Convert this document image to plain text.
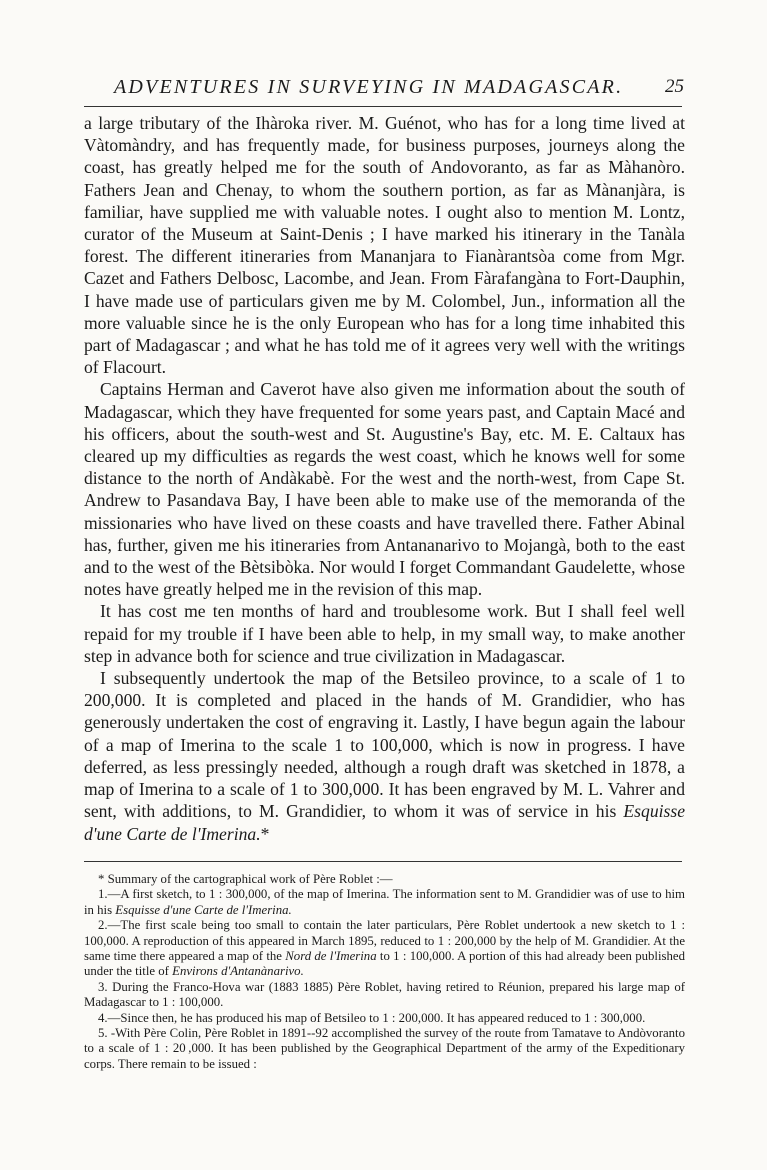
ADVENTURES IN SURVEYING IN MADAGASCAR. 25

a large tributary of the Ihàroka river. M. Guénot, who has for a long time lived at Vàtomàndry, and has frequently made, for business purposes, journeys along the coast, has greatly helped me for the south of Andovoranto, as far as Màhanòro. Fathers Jean and Chenay, to whom the southern portion, as far as Mànanjàra, is familiar, have supplied me with valuable notes. I ought also to mention M. Lontz, curator of the Museum at Saint-Denis ; I have marked his itinerary in the Tanàla forest. The different itineraries from Mananjara to Fianàrantsòa come from Mgr. Cazet and Fathers Delbosc, Lacombe, and Jean. From Fàrafangàna to Fort-Dauphin, I have made use of particulars given me by M. Colombel, Jun., information all the more valuable since he is the only European who has for a long time inhabited this part of Madagascar ; and what he has told me of it agrees very well with the writings of Flacourt.

Captains Herman and Caverot have also given me information about the south of Madagascar, which they have frequented for some years past, and Captain Macé and his officers, about the south-west and St. Augustine's Bay, etc. M. E. Caltaux has cleared up my difficulties as regards the west coast, which he knows well for some distance to the north of Andàkabè. For the west and the north-west, from Cape St. Andrew to Pasandava Bay, I have been able to make use of the memoranda of the missionaries who have lived on these coasts and have travelled there. Father Abinal has, further, given me his itineraries from Antananarivo to Mojangà, both to the east and to the west of the Bètsibòka. Nor would I forget Commandant Gaudelette, whose notes have greatly helped me in the revision of this map.

It has cost me ten months of hard and troublesome work. But I shall feel well repaid for my trouble if I have been able to help, in my small way, to make another step in advance both for science and true civilization in Madagascar.

I subsequently undertook the map of the Betsileo province, to a scale of 1 to 200,000. It is completed and placed in the hands of M. Grandidier, who has generously undertaken the cost of engraving it. Lastly, I have begun again the labour of a map of Imerina to the scale 1 to 100,000, which is now in progress. I have deferred, as less pressingly needed, although a rough draft was sketched in 1878, a map of Imerina to a scale of 1 to 300,000. It has been engraved by M. L. Vahrer and sent, with additions, to M. Grandidier, to whom it was of service in his Esquisse d'une Carte de l'Imerina.*

* Summary of the cartographical work of Père Roblet :—

1.—A first sketch, to 1 : 300,000, of the map of Imerina. The information sent to M. Grandidier was of use to him in his Esquisse d'une Carte de l'Imerina.

2.—The first scale being too small to contain the later particulars, Père Roblet undertook a new sketch to 1 : 100,000. A reproduction of this appeared in March 1895, reduced to 1 : 200,000 by the help of M. Grandidier. At the same time there appeared a map of the Nord de l'Imerina to 1 : 100,000. A portion of this had already been published under the title of Environs d'Antanànarivo.

3. During the Franco-Hova war (1883 1885) Père Roblet, having retired to Réunion, prepared his large map of Madagascar to 1 : 100,000.

4.—Since then, he has produced his map of Betsileo to 1 : 200,000. It has appeared reduced to 1 : 300,000.

5. -With Père Colin, Père Roblet in 1891--92 accomplished the survey of the route from Tamatave to Andòvoranto to a scale of 1 : 20 ,000. It has been published by the Geographical Department of the army of the Expeditionary corps. There remain to be issued :
